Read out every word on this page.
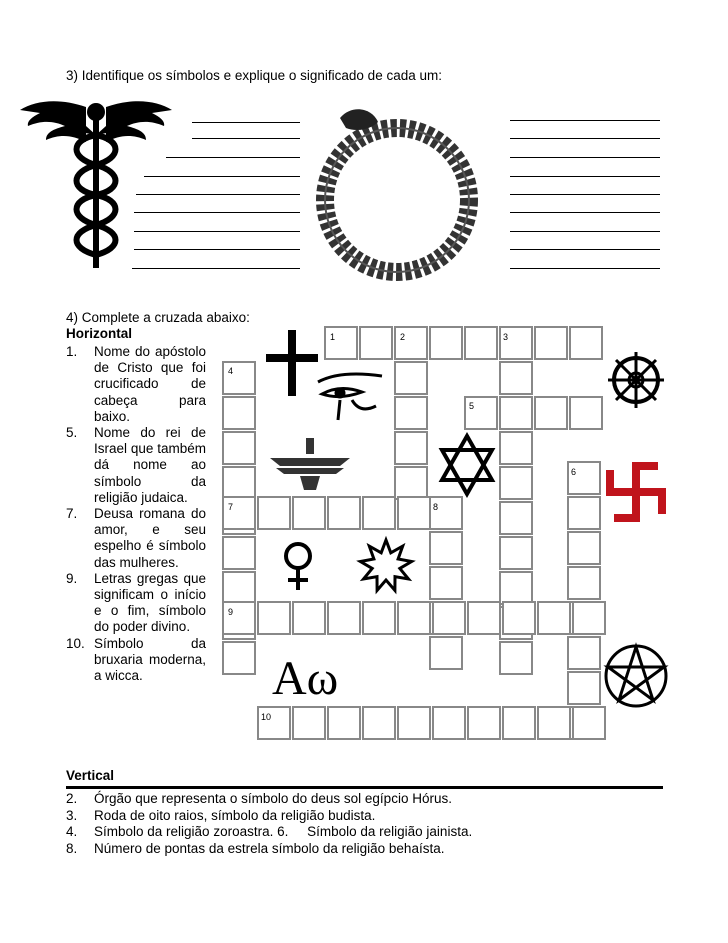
3) Identifique os símbolos e explique o significado de cada um:
1	2	3
4
5
6
7	8
9
10
Αω
4) Complete a cruzada abaixo:
Horizontal
1.	Nome do apóstolo de Cristo que foi crucificado de cabeça para baixo.
5.	Nome do rei de Israel que também dá nome ao símbolo da religião judaica.
7.	Deusa romana do amor, e seu espelho é símbolo das mulheres.
9.	Letras gregas que significam o início e o fim, símbolo do poder divino.
10. Símbolo da bruxaria moderna, a wicca.
Vertical
2.	Órgão que representa o símbolo do deus sol egípcio Hórus.
3.	Roda de oito raios, símbolo da religião budista.
4.	Símbolo da religião zoroastra. 6.     Símbolo da religião jainista.
8.	Número de pontas da estrela símbolo da religião behaísta.
